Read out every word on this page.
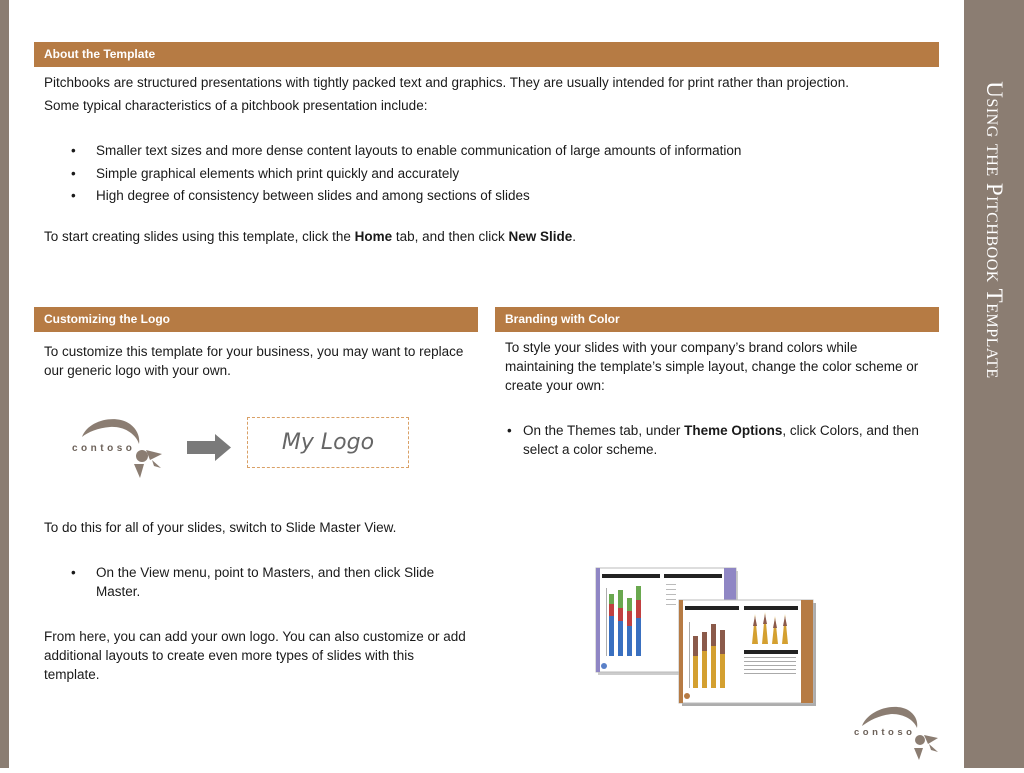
Using the Pitchbook Template
About the Template

Pitchbooks are structured presentations with tightly packed text and graphics. They are usually intended for print rather than projection.

Some typical characteristics of a pitchbook presentation include:

• Smaller text sizes and more dense content layouts to enable communication of large amounts of information
• Simple graphical elements which print quickly and accurately
• High degree of consistency between slides and among sections of slides

To start creating slides using this template, click the Home tab, and then click New Slide.

Customizing the Logo

To customize this template for your business, you may want to replace our generic logo with your own.

contoso	My Logo

To do this for all of your slides, switch to Slide Master View.

• On the View menu, point to Masters, and then click Slide Master.

From here, you can add your own logo. You can also customize or add additional layouts to create even more types of slides with this template.

Branding with Color

To style your slides with your company’s brand colors while maintaining the template’s simple layout, change the color scheme or create your own:

• On the Themes tab, under Theme Options, click Colors, and then select a color scheme.
contoso
